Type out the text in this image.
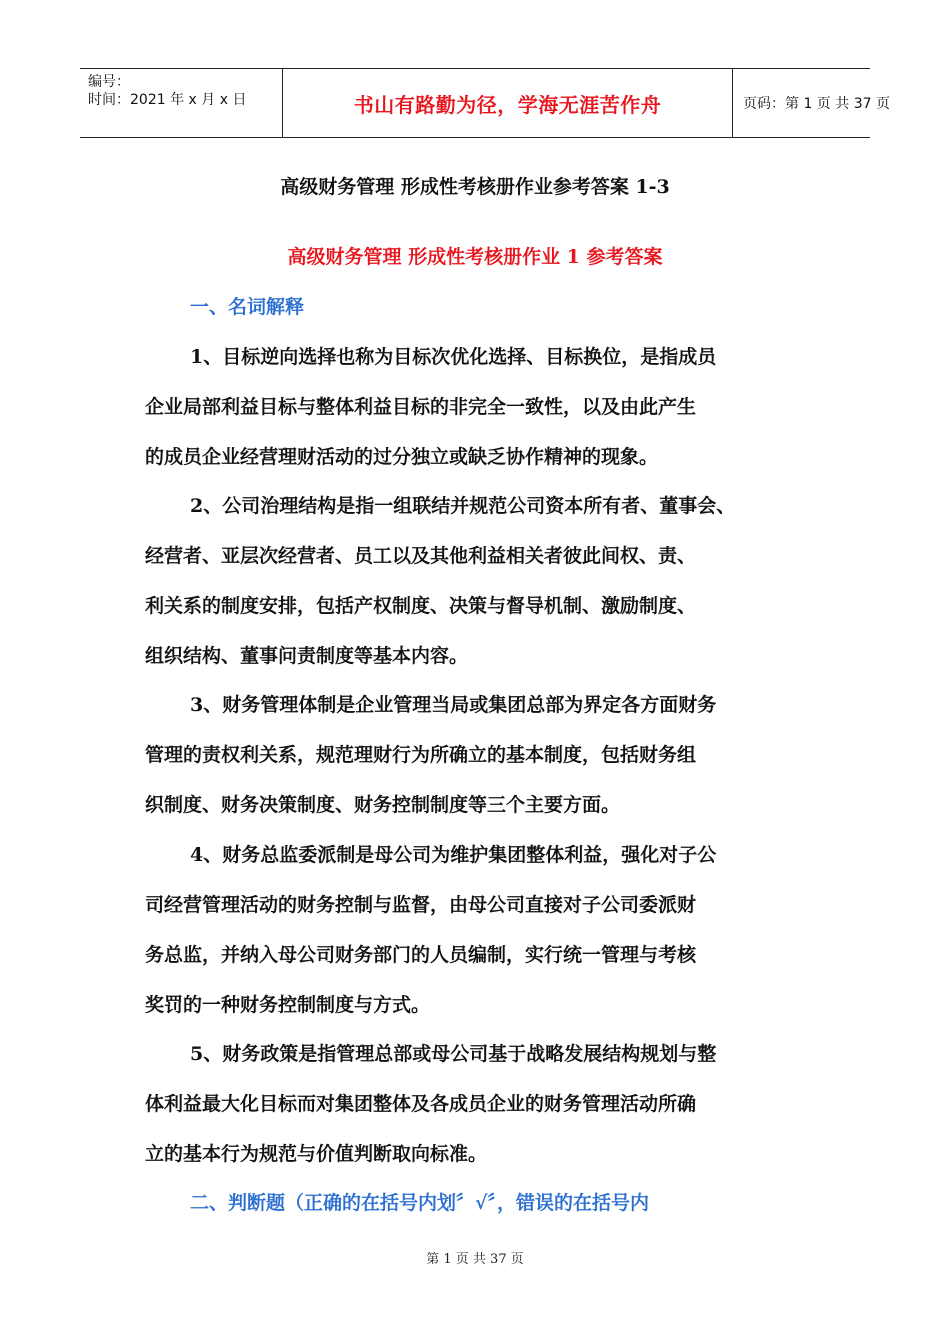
编号：
时间：2021 年 x 月 x 日	书山有路勤为径，学海无涯苦作舟	页码：第 1 页 共 37 页
高级财务管理 形成性考核册作业参考答案 1-3
高级财务管理 形成性考核册作业 1 参考答案
一、名词解释
1、目标逆向选择也称为目标次优化选择、目标换位，是指成员
企业局部利益目标与整体利益目标的非完全一致性，以及由此产生
的成员企业经营理财活动的过分独立或缺乏协作精神的现象。
2、公司治理结构是指一组联结并规范公司资本所有者、董事会、
经营者、亚层次经营者、员工以及其他利益相关者彼此间权、责、
利关系的制度安排，包括产权制度、决策与督导机制、激励制度、
组织结构、董事问责制度等基本内容。
3、财务管理体制是企业管理当局或集团总部为界定各方面财务
管理的责权利关系，规范理财行为所确立的基本制度，包括财务组
织制度、财务决策制度、财务控制制度等三个主要方面。
4、财务总监委派制是母公司为维护集团整体利益，强化对子公
司经营管理活动的财务控制与监督，由母公司直接对子公司委派财
务总监，并纳入母公司财务部门的人员编制，实行统一管理与考核
奖罚的一种财务控制制度与方式。
5、财务政策是指管理总部或母公司基于战略发展结构规划与整
体利益最大化目标而对集团整体及各成员企业的财务管理活动所确
立的基本行为规范与价值判断取向标准。
二、判断题（正确的在括号内划〞√〞，错误的在括号内
第 1 页 共 37 页
